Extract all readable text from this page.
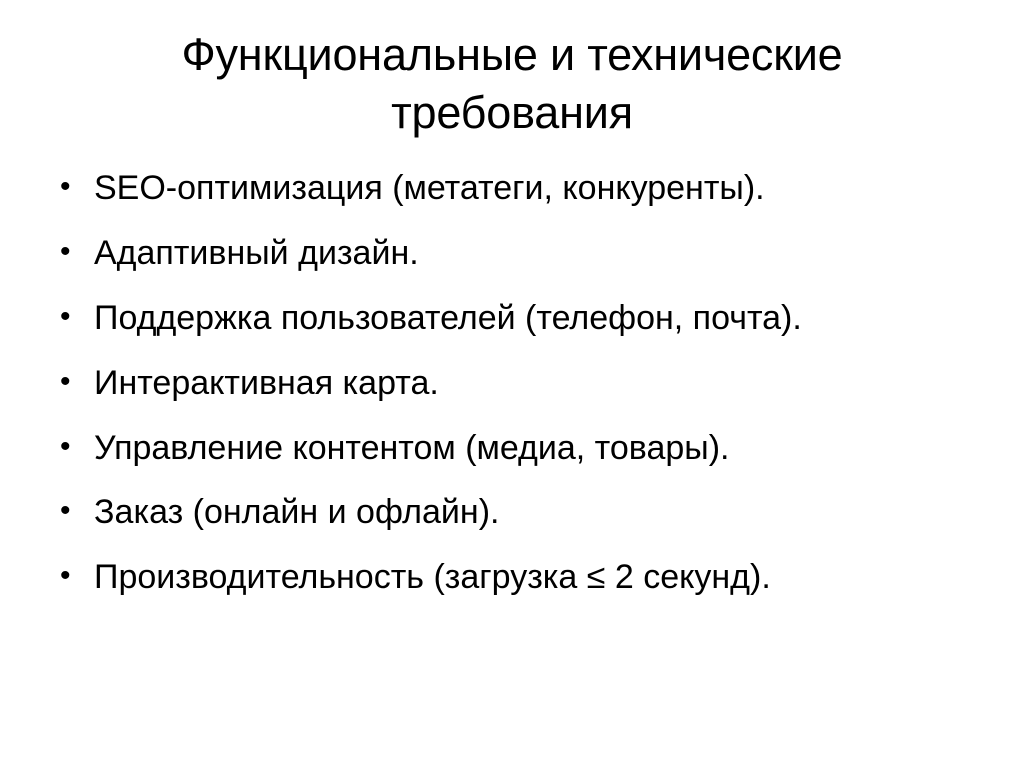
Функциональные и технические требования
• SEO-оптимизация (метатеги, конкуренты).
• Адаптивный дизайн.
• Поддержка пользователей (телефон, почта).
• Интерактивная карта.
• Управление контентом (медиа, товары).
• Заказ (онлайн и офлайн).
• Производительность (загрузка ≤ 2 секунд).
